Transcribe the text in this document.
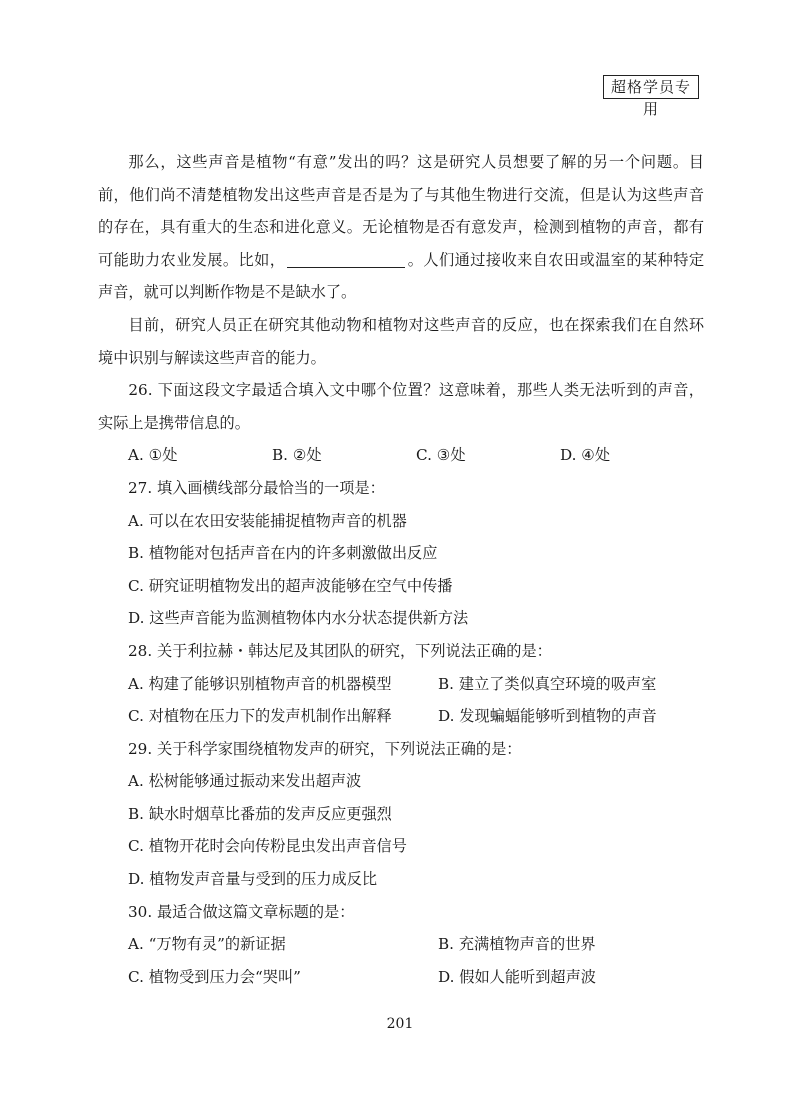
超格学员专用

那么，这些声音是植物“有意”发出的吗？这是研究人员想要了解的另一个问题。目前，他们尚不清楚植物发出这些声音是否是为了与其他生物进行交流，但是认为这些声音的存在，具有重大的生态和进化意义。无论植物是否有意发声，检测到植物的声音，都有可能助力农业发展。比如，	。人们通过接收来自农田或温室的某种特定声音，就可以判断作物是不是缺水了。

目前，研究人员正在研究其他动物和植物对这些声音的反应，也在探索我们在自然环境中识别与解读这些声音的能力。

26. 下面这段文字最适合填入文中哪个位置？这意味着，那些人类无法听到的声音，实际上是携带信息的。

A. ①处	B. ②处	C. ③处	D. ④处

27. 填入画横线部分最恰当的一项是：

A. 可以在农田安装能捕捉植物声音的机器

B. 植物能对包括声音在内的许多刺激做出反应

C. 研究证明植物发出的超声波能够在空气中传播

D. 这些声音能为监测植物体内水分状态提供新方法

28. 关于利拉赫・韩达尼及其团队的研究，下列说法正确的是：

A. 构建了能够识别植物声音的机器模型	B. 建立了类似真空环境的吸声室
C. 对植物在压力下的发声机制作出解释	D. 发现蝙蝠能够听到植物的声音

29. 关于科学家围绕植物发声的研究，下列说法正确的是：

A. 松树能够通过振动来发出超声波

B. 缺水时烟草比番茄的发声反应更强烈

C. 植物开花时会向传粉昆虫发出声音信号

D. 植物发声音量与受到的压力成反比

30. 最适合做这篇文章标题的是：

A. “万物有灵”的新证据	B. 充满植物声音的世界
C. 植物受到压力会“哭叫”	D. 假如人能听到超声波
201
